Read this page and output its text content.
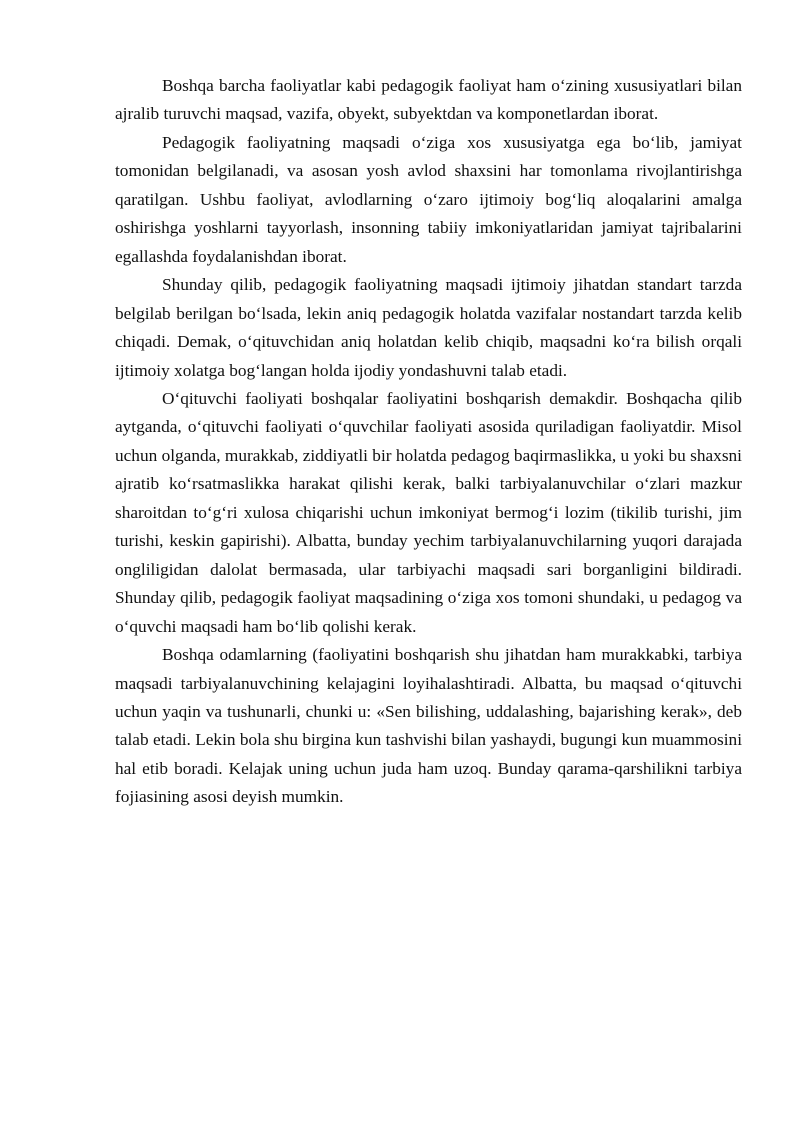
Boshqa barcha faoliyatlar kabi pedagogik faoliyat ham o‘zining xususiyatlari bilan ajralib turuvchi maqsad, vazifa, obyekt, subyektdan va komponetlardan iborat.

Pedagogik faoliyatning maqsadi o‘ziga xos xususiyatga ega bo‘lib, jamiyat tomonidan belgilanadi, va asosan yosh avlod shaxsini har tomonlama rivojlantirishga qaratilgan. Ushbu faoliyat, avlodlarning o‘zaro ijtimoiy bog‘liq aloqalarini amalga oshirishga yoshlarni tayyorlash, insonning tabiiy imkoniyatlaridan jamiyat tajribalarini egallashda foydalanishdan iborat.

Shunday qilib, pedagogik faoliyatning maqsadi ijtimoiy jihatdan standart tarzda belgilab berilgan bo‘lsada, lekin aniq pedagogik holatda vazifalar nostandart tarzda kelib chiqadi. Demak, o‘qituvchidan aniq holatdan kelib chiqib, maqsadni ko‘ra bilish orqali ijtimoiy xolatga bog‘langan holda ijodiy yondashuvni talab etadi.

O‘qituvchi faoliyati boshqalar faoliyatini boshqarish demakdir. Boshqacha qilib aytganda, o‘qituvchi faoliyati o‘quvchilar faoliyati asosida quriladigan faoliyatdir. Misol uchun olganda, murakkab, ziddiyatli bir holatda pedagog baqirmaslikka, u yoki bu shaxsni ajratib ko‘rsatmaslikka harakat qilishi kerak, balki tarbiyalanuvchilar o‘zlari mazkur sharoitdan to‘g‘ri xulosa chiqarishi uchun imkoniyat bermog‘i lozim (tikilib turishi, jim turishi, keskin gapirishi). Albatta, bunday yechim tarbiyalanuvchilarning yuqori darajada ongliligidan dalolat bermasada, ular tarbiyachi maqsadi sari borganligini bildiradi. Shunday qilib, pedagogik faoliyat maqsadining o‘ziga xos tomoni shundaki, u pedagog va o‘quvchi maqsadi ham bo‘lib qolishi kerak.

Boshqa odamlarning (faoliyatini boshqarish shu jihatdan ham murakkabki, tarbiya maqsadi tarbiyalanuvchining kelajagini loyihalashtiradi. Albatta, bu maqsad o‘qituvchi uchun yaqin va tushunarli, chunki u: «Sen bilishing, uddalashing, bajarishing kerak», deb talab etadi. Lekin bola shu birgina kun tashvishi bilan yashaydi, bugungi kun muammosini hal etib boradi. Kelajak uning uchun juda ham uzoq. Bunday qarama-qarshilikni tarbiya fojiasining asosi deyish mumkin.
